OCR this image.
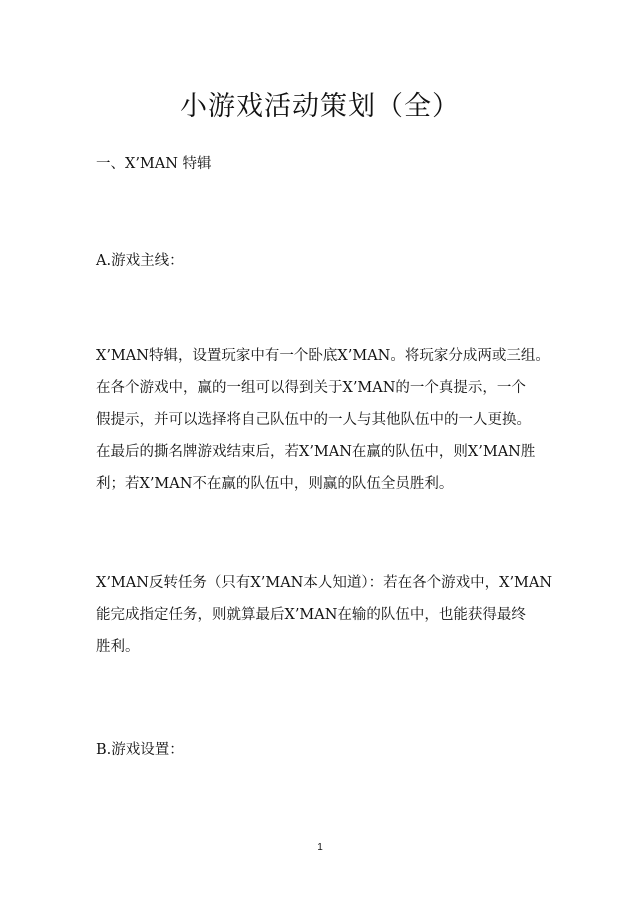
小游戏活动策划（全）

一、X’MAN 特辑

A.游戏主线：

X’MAN特辑，设置玩家中有一个卧底X’MAN。将玩家分成两或三组。
在各个游戏中，赢的一组可以得到关于X’MAN的一个真提示，一个
假提示，并可以选择将自己队伍中的一人与其他队伍中的一人更换。
在最后的撕名牌游戏结束后，若X’MAN在赢的队伍中，则X’MAN胜
利；若X’MAN不在赢的队伍中，则赢的队伍全员胜利。
X’MAN反转任务（只有X’MAN本人知道）：若在各个游戏中，X’MAN
能完成指定任务，则就算最后X’MAN在输的队伍中，也能获得最终
胜利。

B.游戏设置：

1
